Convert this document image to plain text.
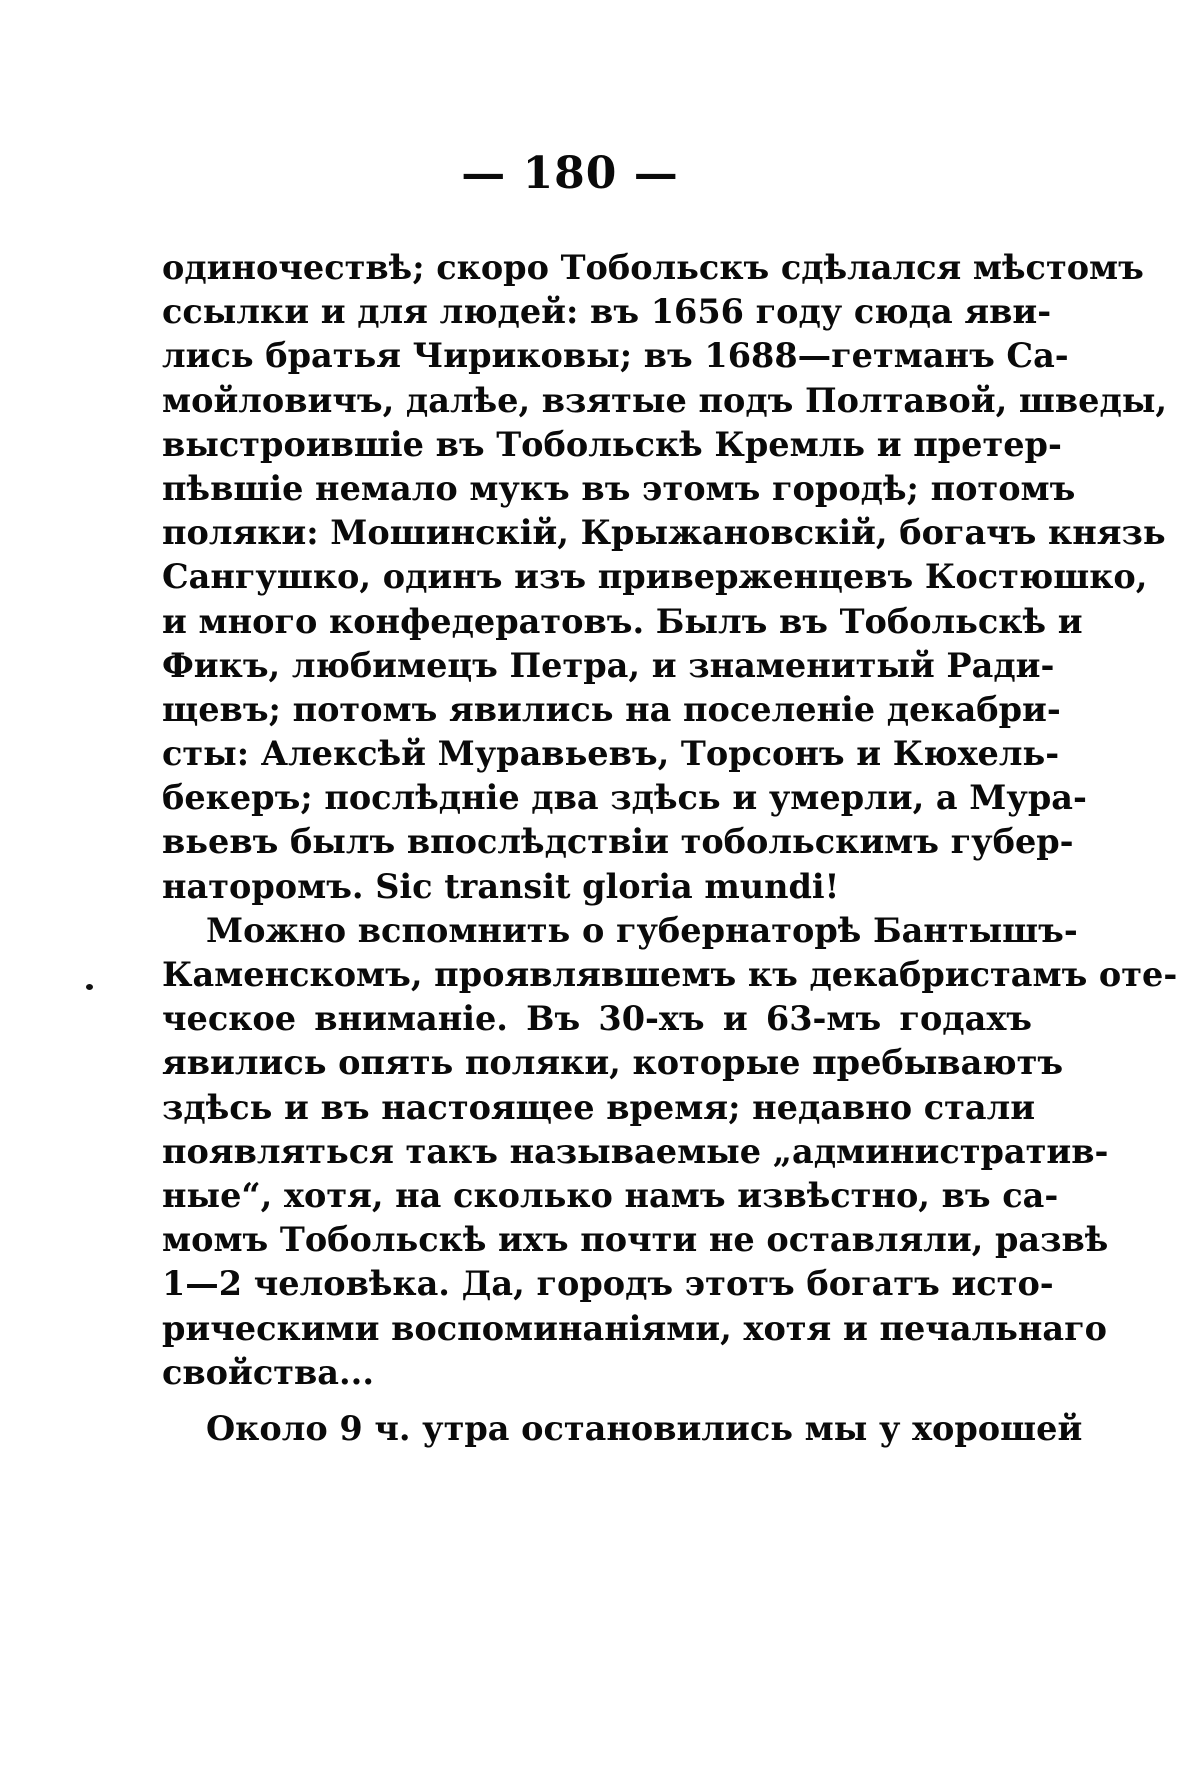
— 180 —
одиночествѣ; скоро Тобольскъ сдѣлался мѣстомъ
ссылки и для людей: въ 1656 году сюда яви-
лись братья Чириковы; въ 1688—гетманъ Са-
мойловичъ, далѣе, взятые подъ Полтавой, шведы,
выстроившіе въ Тобольскѣ Кремль и претер-
пѣвшіе немало мукъ въ этомъ городѣ; потомъ
поляки: Мошинскій, Крыжановскій, богачъ князь
Сангушко, одинъ изъ приверженцевъ Костюшко,
и много конфедератовъ. Былъ въ Тобольскѣ и
Фикъ, любимецъ Петра, и знаменитый Ради-
щевъ; потомъ явились на поселеніе декабри-
сты: Алексѣй Муравьевъ, Торсонъ и Кюхель-
бекеръ; послѣдніе два здѣсь и умерли, а Мура-
вьевъ былъ впослѣдствіи тобольскимъ губер-
наторомъ. Sic transit gloria mundi!
Можно вспомнить о губернаторѣ Бантышъ-
Каменскомъ, проявлявшемъ къ декабристамъ оте-
ческое вниманіе. Въ 30-хъ и 63-мъ годахъ
явились опять поляки, которые пребываютъ
здѣсь и въ настоящее время; недавно стали
появляться такъ называемые „административ-
ные“, хотя, на сколько намъ извѣстно, въ са-
момъ Тобольскѣ ихъ почти не оставляли, развѣ
1—2 человѣка. Да, городъ этотъ богатъ исто-
рическими воспоминаніями, хотя и печальнаго
свойства...
Около 9 ч. утра остановились мы у хорошей
